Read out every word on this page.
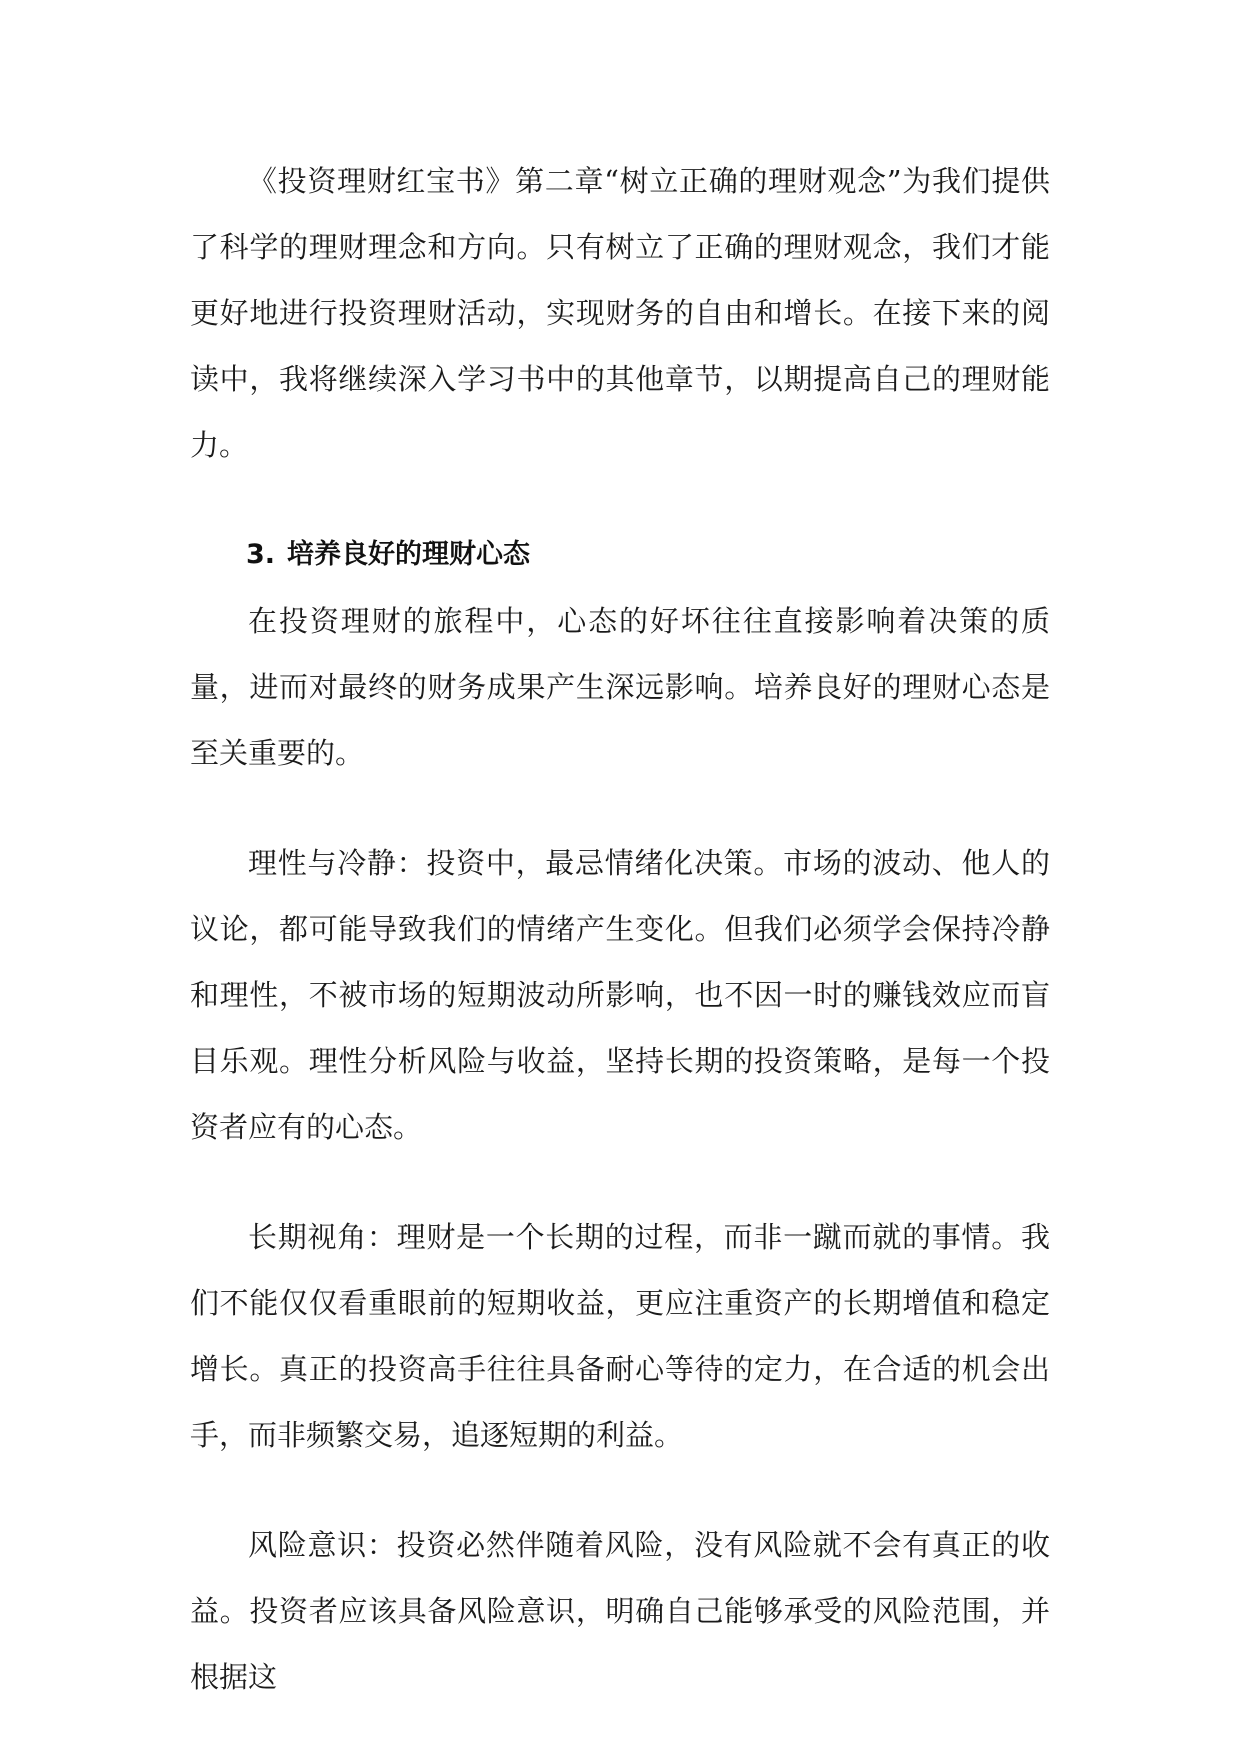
《投资理财红宝书》第二章“树立正确的理财观念”为我们提供了科学的理财理念和方向。只有树立了正确的理财观念，我们才能更好地进行投资理财活动，实现财务的自由和增长。在接下来的阅读中，我将继续深入学习书中的其他章节，以期提高自己的理财能力。

3. 培养良好的理财心态

在投资理财的旅程中，心态的好坏往往直接影响着决策的质量，进而对最终的财务成果产生深远影响。培养良好的理财心态是至关重要的。

理性与冷静：投资中，最忌情绪化决策。市场的波动、他人的议论，都可能导致我们的情绪产生变化。但我们必须学会保持冷静和理性，不被市场的短期波动所影响，也不因一时的赚钱效应而盲目乐观。理性分析风险与收益，坚持长期的投资策略，是每一个投资者应有的心态。

长期视角：理财是一个长期的过程，而非一蹴而就的事情。我们不能仅仅看重眼前的短期收益，更应注重资产的长期增值和稳定增长。真正的投资高手往往具备耐心等待的定力，在合适的机会出手，而非频繁交易，追逐短期的利益。

风险意识：投资必然伴随着风险，没有风险就不会有真正的收益。投资者应该具备风险意识，明确自己能够承受的风险范围，并根据这
